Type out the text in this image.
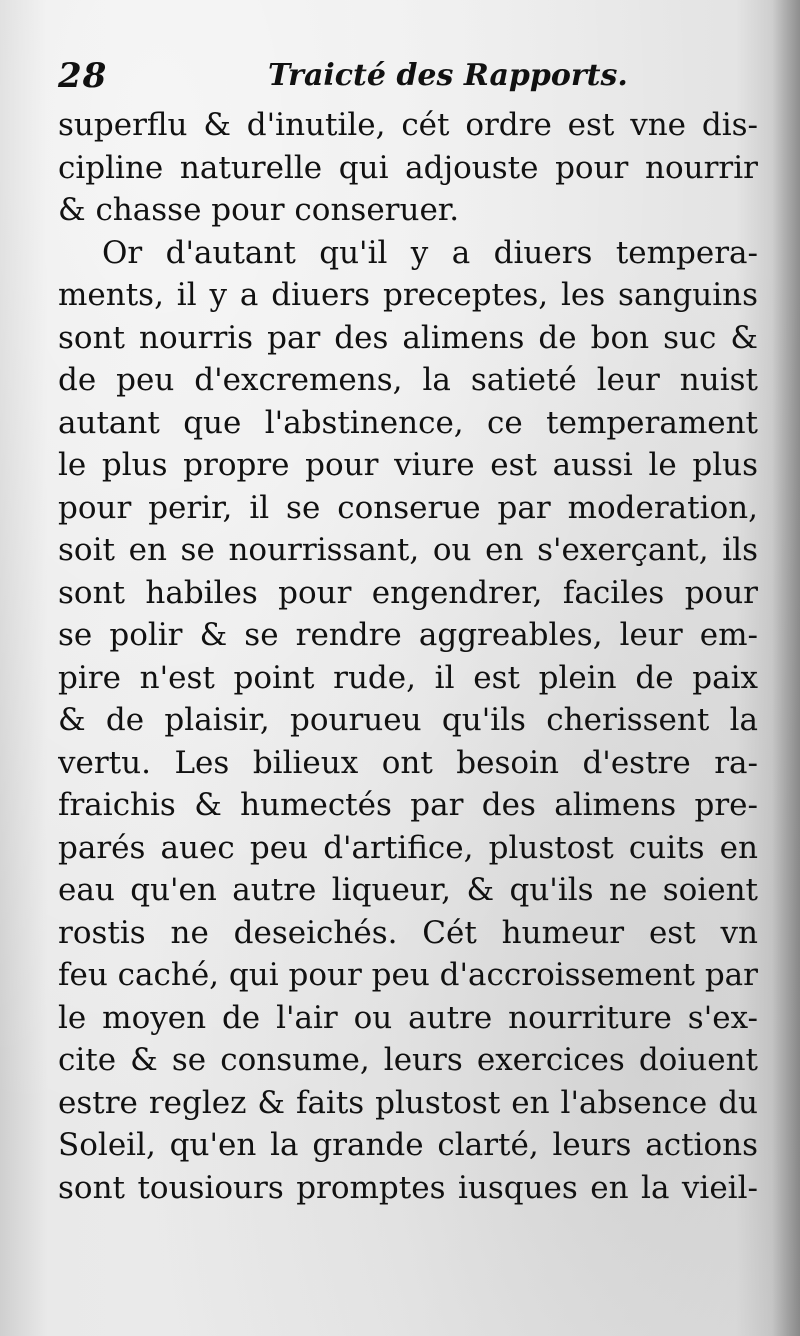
28	Traicté des Rapports.
superflu & d'inutile, cét ordre est vne dis-
cipline naturelle qui adjouste pour nourrir
& chasse pour conseruer.
Or d'autant qu'il y a diuers tempera-
ments, il y a diuers preceptes, les sanguins
sont nourris par des alimens de bon suc &
de peu d'excremens, la satieté leur nuist
autant que l'abstinence, ce temperament
le plus propre pour viure est aussi le plus
pour perir, il se conserue par moderation,
soit en se nourrissant, ou en s'exerçant, ils
sont habiles pour engendrer, faciles pour
se polir & se rendre aggreables, leur em-
pire n'est point rude, il est plein de paix
& de plaisir, pourueu qu'ils cherissent la
vertu. Les bilieux ont besoin d'estre ra-
fraichis & humectés par des alimens pre-
parés auec peu d'artifice, plustost cuits en
eau qu'en autre liqueur, & qu'ils ne soient
rostis ne deseichés. Cét humeur est vn
feu caché, qui pour peu d'accroissement par
le moyen de l'air ou autre nourriture s'ex-
cite & se consume, leurs exercices doiuent
estre reglez & faits plustost en l'absence du
Soleil, qu'en la grande clarté, leurs actions
sont tousiours promptes iusques en la vieil-
